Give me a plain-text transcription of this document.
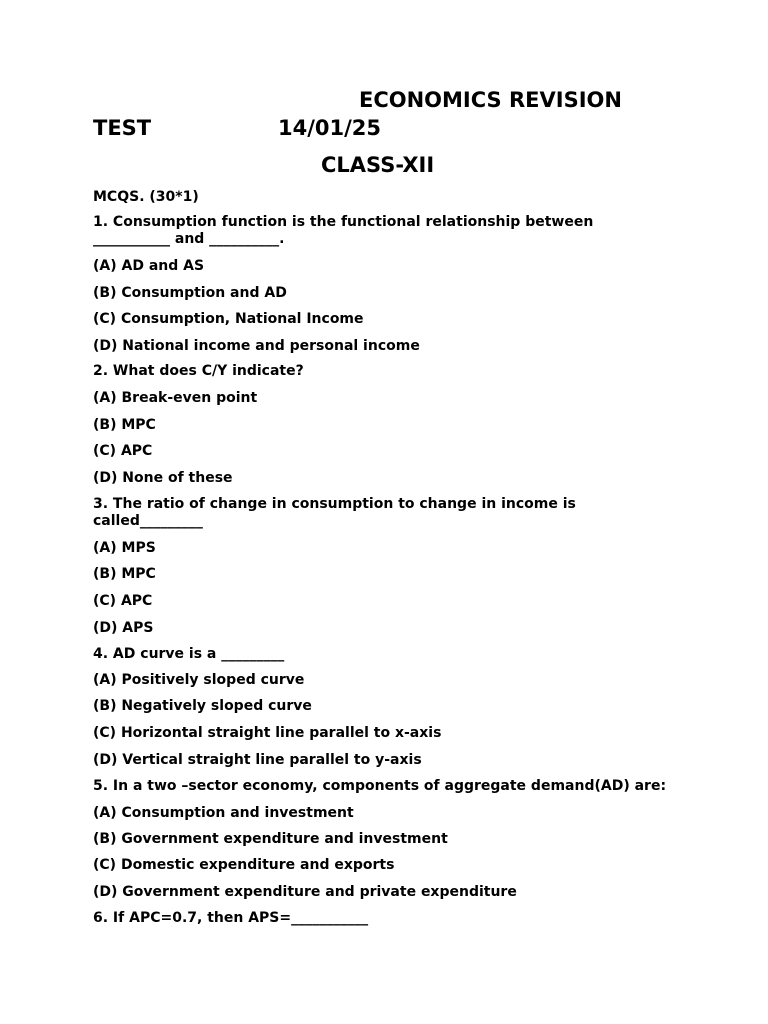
ECONOMICS REVISION
TEST	14/01/25
CLASS-XII
MCQS. (30*1)
1. Consumption function is the functional relationship between
___________ and __________.
(A) AD and AS
(B) Consumption and AD
(C) Consumption, National Income
(D) National income and personal income
2. What does C/Y indicate?
(A) Break-even point
(B) MPC
(C) APC
(D) None of these
3. The ratio of change in consumption to change in income is
called_________
(A) MPS
(B) MPC
(C) APC
(D) APS
4. AD curve is a _________
(A) Positively sloped curve
(B) Negatively sloped curve
(C) Horizontal straight line parallel to x-axis
(D) Vertical straight line parallel to y-axis
5. In a two –sector economy, components of aggregate demand(AD) are:
(A) Consumption and investment
(B) Government expenditure and investment
(C) Domestic expenditure and exports
(D) Government expenditure and private expenditure
6. If APC=0.7, then APS=___________
